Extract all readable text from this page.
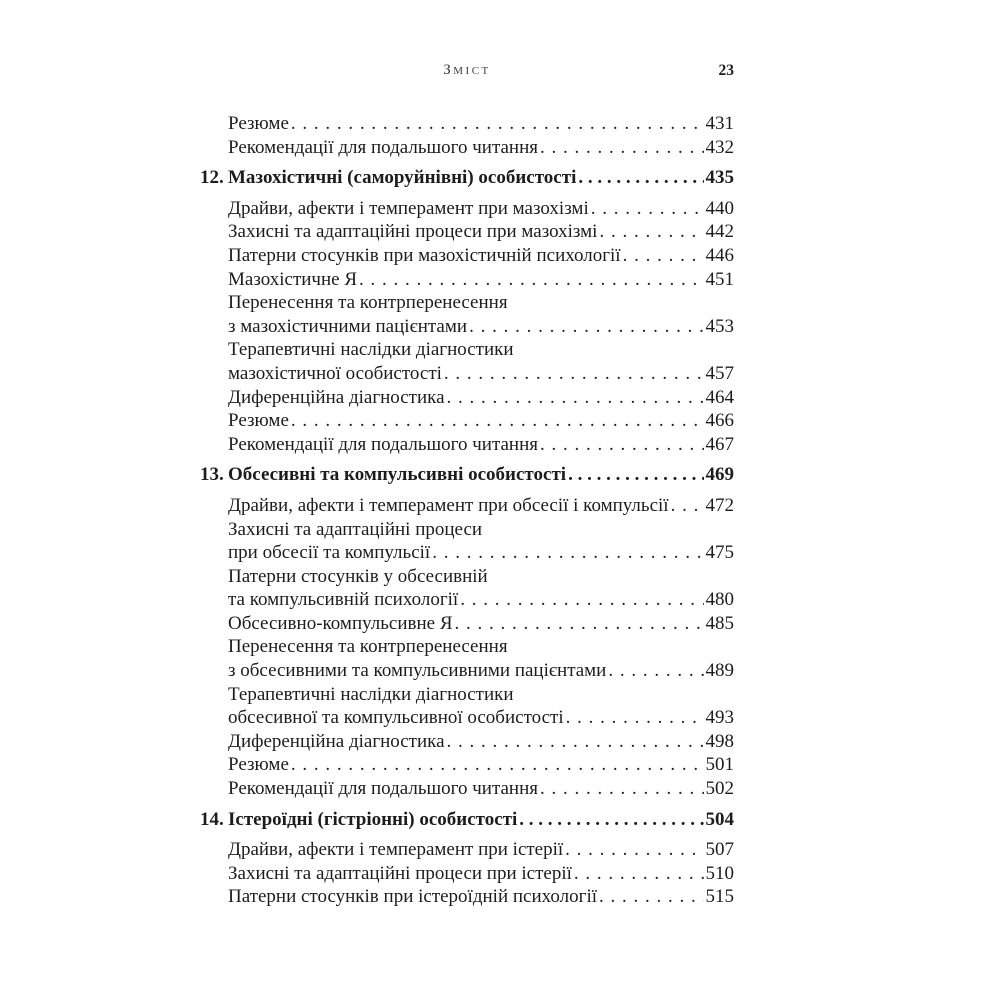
Зміст	23
Резюме . . .	431
Рекомендації для подальшого читання . . .	432
12. Мазохістичні (саморуйнівні) особистості . . .	435
Драйви, афекти і темперамент при мазохізмі . . .	440
Захисні та адаптаційні процеси при мазохізмі . . .	442
Патерни стосунків при мазохістичній психології . . .	446
Мазохістичне Я . . .	451
Перенесення та контрперенесення
з мазохістичними пацієнтами . . .	453
Терапевтичні наслідки діагностики
мазохістичної особистості . . .	457
Диференційна діагностика . . .	464
Резюме . . .	466
Рекомендації для подальшого читання . . .	467
13. Обсесивні та компульсивні особистості . . .	469
Драйви, афекти і темперамент при обсесії і компульсії . . . 472
Захисні та адаптаційні процеси
при обсесії та компульсії . . .	475
Патерни стосунків у обсесивній
та компульсивній психології . . .	480
Обсесивно-компульсивне Я . . .	485
Перенесення та контрперенесення
з обсесивними та компульсивними пацієнтами . . .	489
Терапевтичні наслідки діагностики
обсесивної та компульсивної особистості . . .	493
Диференційна діагностика . . .	498
Резюме . . .	501
Рекомендації для подальшого читання . . .	502
14. Істероїдні (гістріонні) особистості . . .	504
Драйви, афекти і темперамент при істерії . . .	507
Захисні та адаптаційні процеси при істерії . . .	510
Патерни стосунків при істероїдній психології . . .	515
